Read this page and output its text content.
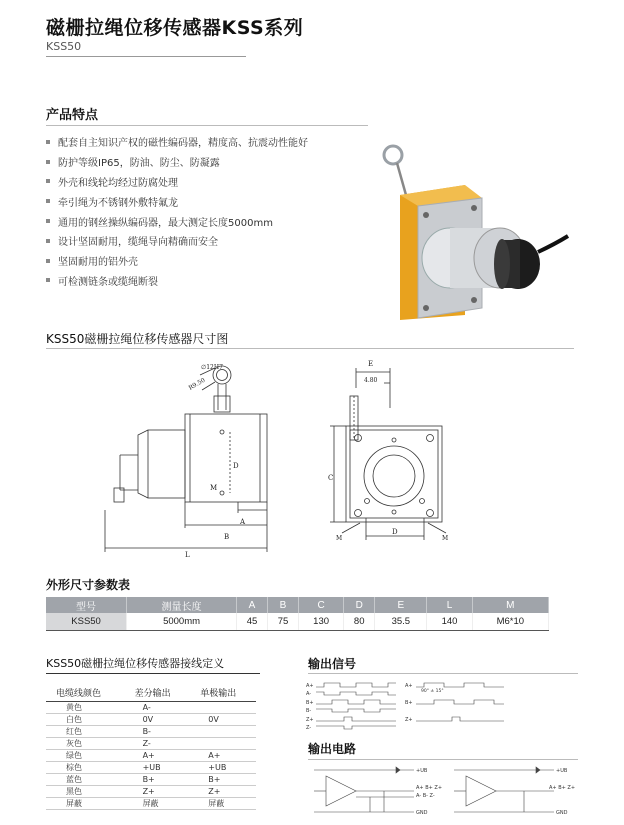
磁栅拉绳位移传感器KSS系列
KSS50
产品特点
配套自主知识产权的磁性编码器，精度高、抗震动性能好
防护等级IP65，防油、防尘、防凝露
外壳和线轮均经过防腐处理
牵引绳为不锈钢外敷特氟龙
通用的钢丝操纵编码器，最大测定长度5000mm
设计坚固耐用，缆绳导向精确而安全
坚固耐用的铝外壳
可检测链条或缆绳断裂
KSS50磁栅拉绳位移传感器尺寸图
∅12H7
R9.50
A
B
L
D
M
E
4.80
C
D
M	M
外形尺寸参数表
型号	测量长度	A	B	C	D	E	L	M
KSS50	5000mm	45	75	130	80	35.5	140	M6*10
KSS50磁栅拉绳位移传感器接线定义
电缆线颜色	差分输出	单极输出
黄色	A-	
白色	0V	0V
红色	B-	
灰色	Z-	
绿色	A+	A+
棕色	+UB	+UB
蓝色	B+	B+
黑色	Z+	Z+
屏蔽	屏蔽	屏蔽
输出信号
A+
A-
B+
B-
Z+
Z-
A+
B+
Z+
90° ± 15°
输出电路
+UB
A+ B+ Z+
A- B- Z-
GND
+UB
A+ B+ Z+
GND
